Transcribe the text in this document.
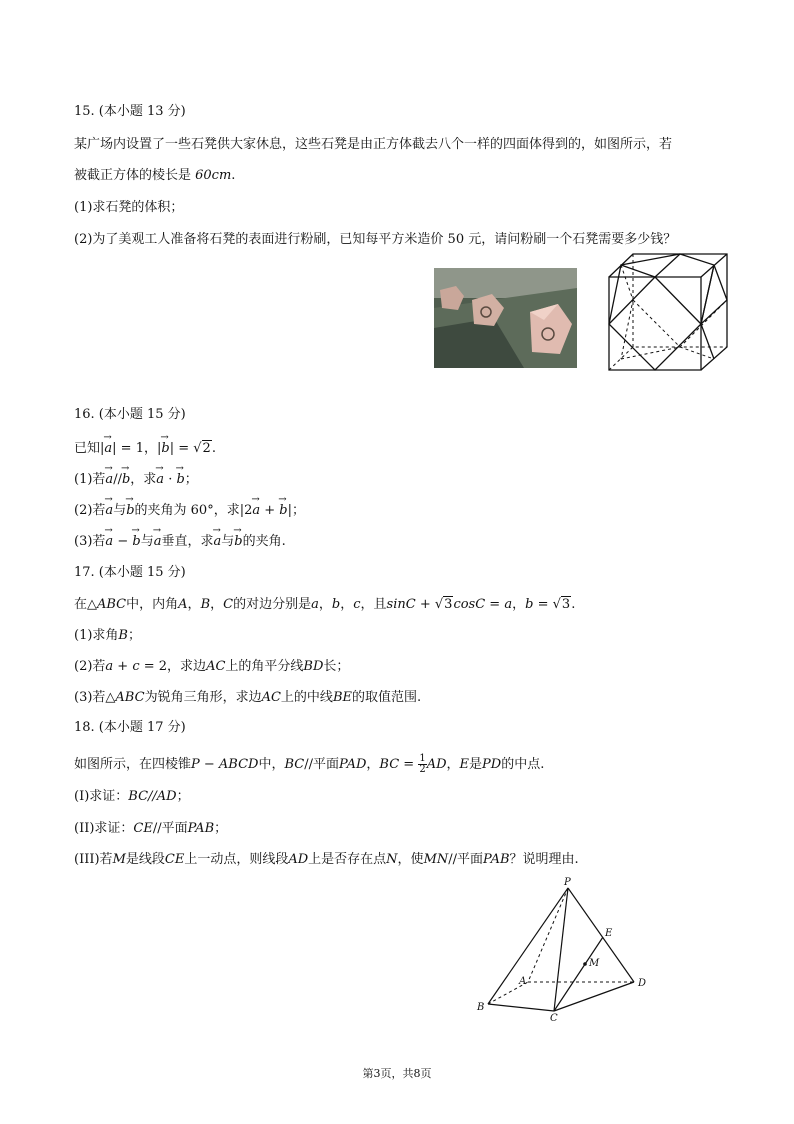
15. (本小题 13 分)
某广场内设置了一些石凳供大家休息，这些石凳是由正方体截去八个一样的四面体得到的，如图所示，若
被截正方体的棱长是 60cm.
(1)求石凳的体积；
(2)为了美观工人准备将石凳的表面进行粉刷，已知每平方米造价 50 元，请问粉刷一个石凳需要多少钱？
16. (本小题 15 分)
已知|→ a| = 1，|→ b| = √2.
(1)若→ a//→ b，求→ a · → b；
(2)若→ a与→ b的夹角为 60°，求|2→ a + → b|；
(3)若→ a − → b与→ a垂直，求→ a与→ b的夹角.
17. (本小题 15 分)
在△ABC中，内角A，B，C的对边分别是a，b，c，且sinC + √3cosC = a，b = √3.
(1)求角B；
(2)若a + c = 2，求边AC上的角平分线BD长；
(3)若△ABC为锐角三角形，求边AC上的中线BE的取值范围.
18. (本小题 17 分)
如图所示，在四棱锥P − ABCD中，BC//平面PAD，BC = $\frac{1}{2}$ AD，E是PD的中点.
(I)求证：BC//AD；
(II)求证：CE//平面PAB；
(III)若M是线段CE上一动点，则线段AD上是否存在点N，使MN//平面PAB？说明理由.
P
A
B
C
D
E
M
第3页，共8页
